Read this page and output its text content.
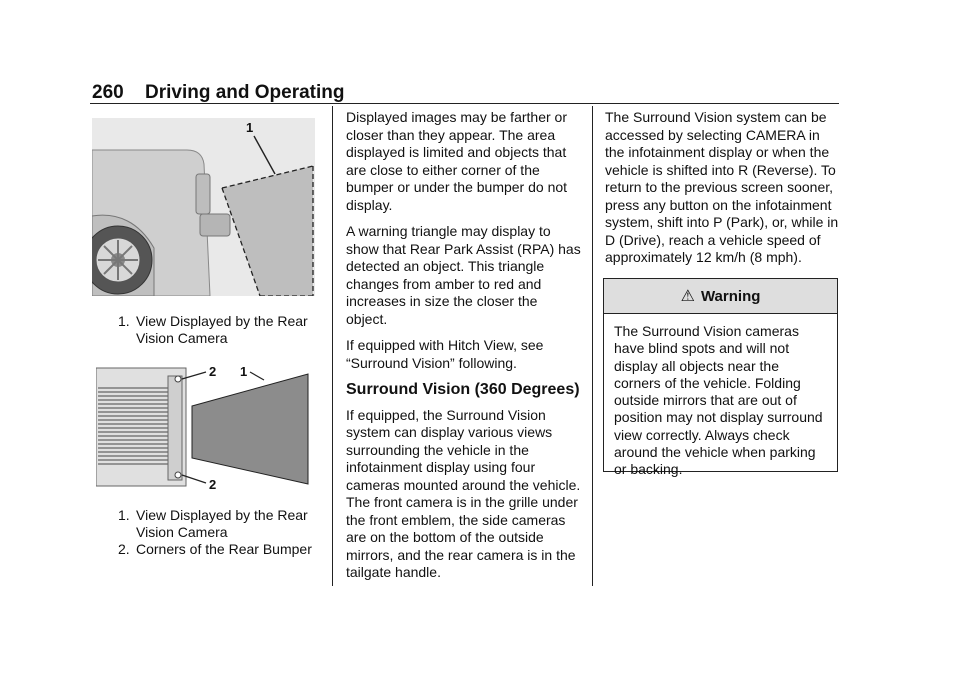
260 Driving and Operating
1
1. View Displayed by the Rear Vision Camera
2 1
2
1. View Displayed by the Rear Vision Camera
2. Corners of the Rear Bumper

Displayed images may be farther or closer than they appear. The area displayed is limited and objects that are close to either corner of the bumper or under the bumper do not display.

A warning triangle may display to show that Rear Park Assist (RPA) has detected an object. This triangle changes from amber to red and increases in size the closer the object.

If equipped with Hitch View, see “Surround Vision” following.

Surround Vision (360 Degrees)

If equipped, the Surround Vision system can display various views surrounding the vehicle in the infotainment display using four cameras mounted around the vehicle. The front camera is in the grille under the front emblem, the side cameras are on the bottom of the outside mirrors, and the rear camera is in the tailgate handle.

The Surround Vision system can be accessed by selecting CAMERA in the infotainment display or when the vehicle is shifted into R (Reverse). To return to the previous screen sooner, press any button on the infotainment system, shift into P (Park), or, while in D (Drive), reach a vehicle speed of approximately 12 km/h (8 mph).

⚠ Warning
The Surround Vision cameras have blind spots and will not display all objects near the corners of the vehicle. Folding outside mirrors that are out of position may not display surround view correctly. Always check around the vehicle when parking or backing.
